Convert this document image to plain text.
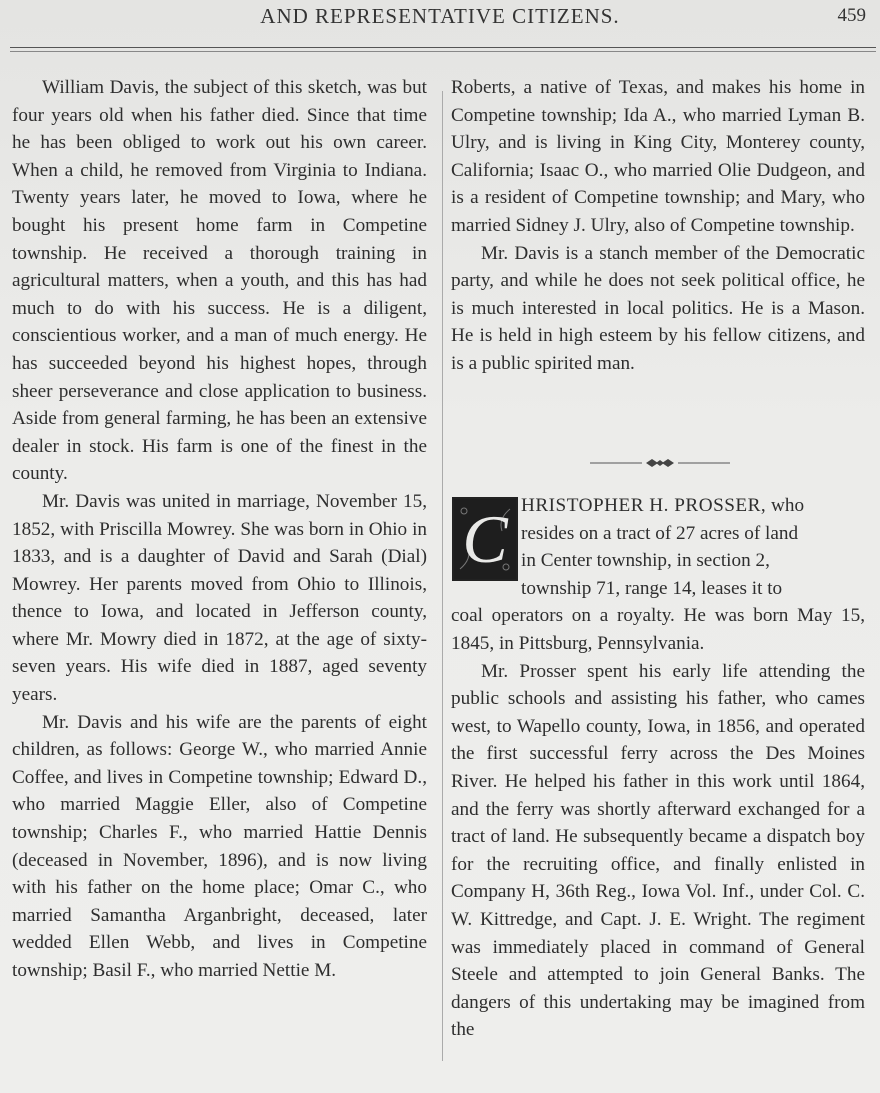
AND REPRESENTATIVE CITIZENS.	459

William Davis, the subject of this sketch, was but four years old when his father died. Since that time he has been obliged to work out his own career. When a child, he removed from Virginia to Indiana. Twenty years later, he moved to Iowa, where he bought his present home farm in Competine township. He received a thorough training in agricultural matters, when a youth, and this has had much to do with his success. He is a diligent, conscientious worker, and a man of much energy. He has succeeded beyond his highest hopes, through sheer perseverance and close application to business. Aside from general farming, he has been an extensive dealer in stock. His farm is one of the finest in the county.

Mr. Davis was united in marriage, November 15, 1852, with Priscilla Mowrey. She was born in Ohio in 1833, and is a daughter of David and Sarah (Dial) Mowrey. Her parents moved from Ohio to Illinois, thence to Iowa, and located in Jefferson county, where Mr. Mowry died in 1872, at the age of sixty-seven years. His wife died in 1887, aged seventy years.

Mr. Davis and his wife are the parents of eight children, as follows: George W., who married Annie Coffee, and lives in Competine township; Edward D., who married Maggie Eller, also of Competine township; Charles F., who married Hattie Dennis (deceased in November, 1896), and is now living with his father on the home place; Omar C., who married Samantha Arganbright, deceased, later wedded Ellen Webb, and lives in Competine township; Basil F., who married Nettie M.

Roberts, a native of Texas, and makes his home in Competine township; Ida A., who married Lyman B. Ulry, and is living in King City, Monterey county, California; Isaac O., who married Olie Dudgeon, and is a resident of Competine township; and Mary, who married Sidney J. Ulry, also of Competine township.

Mr. Davis is a stanch member of the Democratic party, and while he does not seek political office, he is much interested in local politics. He is a Mason. He is held in high esteem by his fellow citizens, and is a public spirited man.

C HRISTOPHER H. PROSSER, who

resides on a tract of 27 acres of land
in Center township, in section 2,
township 71, range 14, leases it to

coal operators on a royalty. He was born May 15, 1845, in Pittsburg, Pennsylvania.

Mr. Prosser spent his early life attending the public schools and assisting his father, who cames west, to Wapello county, Iowa, in 1856, and operated the first successful ferry across the Des Moines River. He helped his father in this work until 1864, and the ferry was shortly afterward exchanged for a tract of land. He subsequently became a dispatch boy for the recruiting office, and finally enlisted in Company H, 36th Reg., Iowa Vol. Inf., under Col. C. W. Kittredge, and Capt. J. E. Wright. The regiment was immediately placed in command of General Steele and attempted to join General Banks. The dangers of this undertaking may be imagined from the
